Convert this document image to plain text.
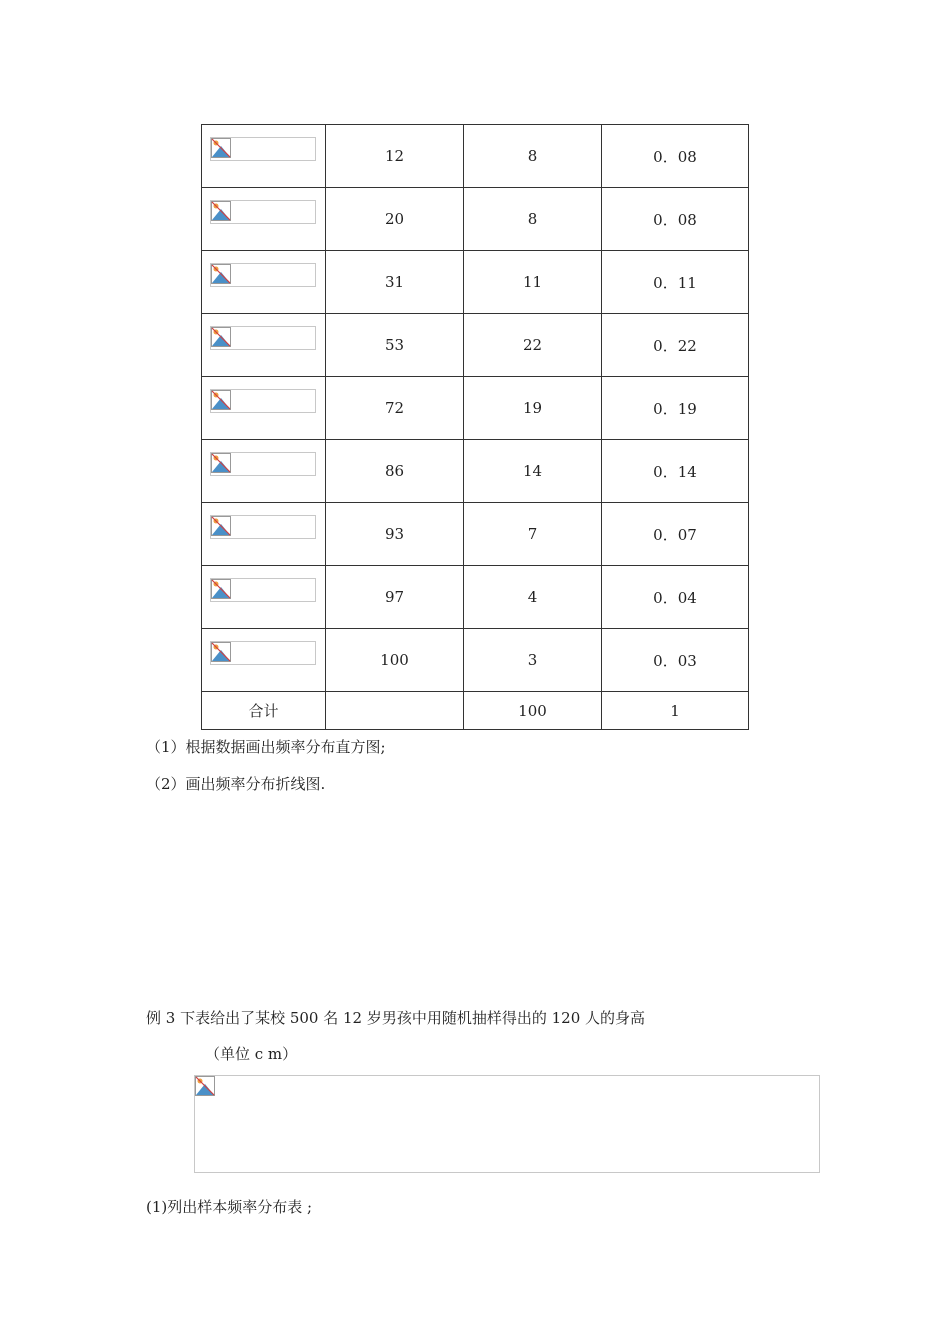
	12	8	0．08

	20	8	0．08

	31	11	0．11

	53	22	0．22

	72	19	0．19

	86	14	0．14

	93	7	0．07

	97	4	0．04

	100	3	0．03
合计		100	1
（1）根据数据画出频率分布直方图;
（2）画出频率分布折线图.
例 3 下表给出了某校 500 名 12 岁男孩中用随机抽样得出的 120 人的身高
（单位 c m）
(1)列出样本频率分布表 ;
